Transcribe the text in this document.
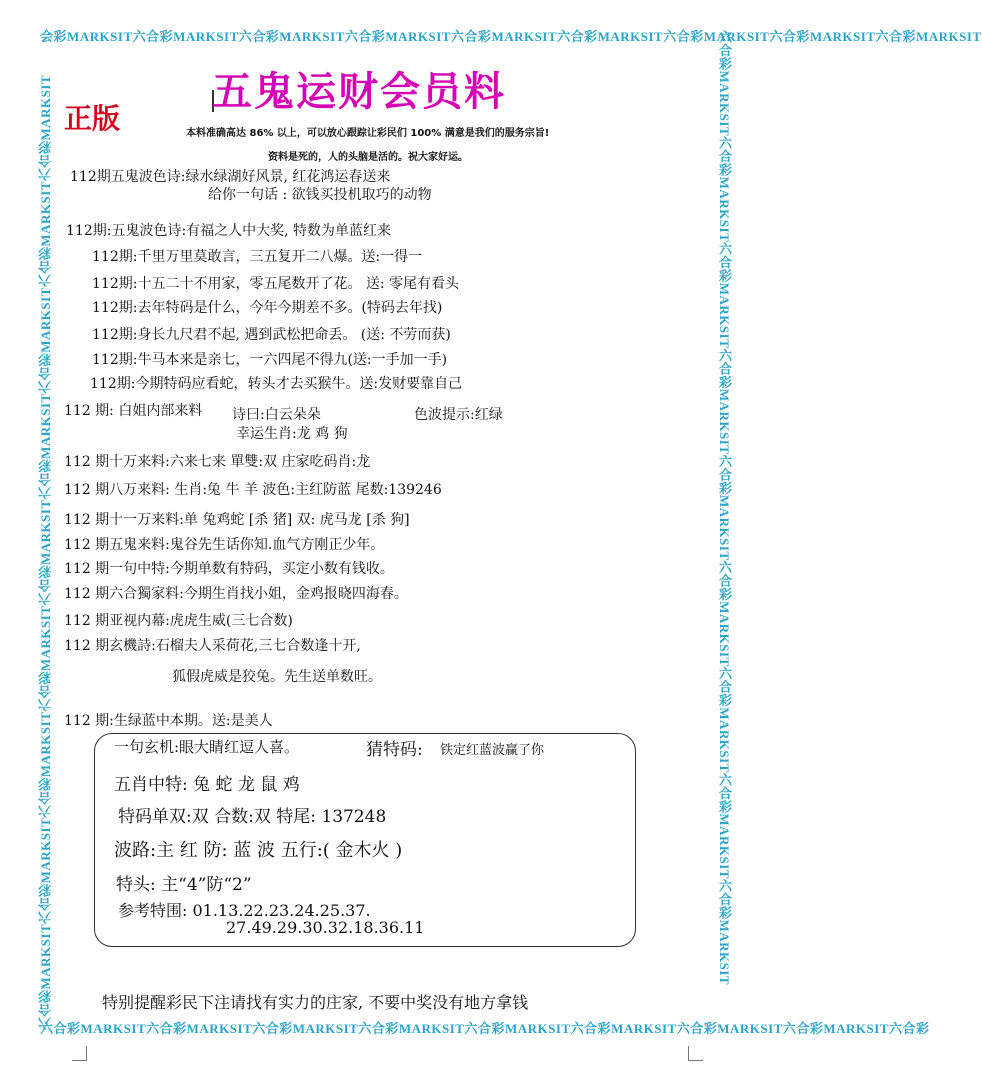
会彩MARKSIT六合彩MARKSIT六合彩MARKSIT六合彩MARKSIT六合彩MARKSIT六合彩MARKSIT六合彩MARKSIT六合彩MARKSIT六合彩MARKSIT
六合彩MARKSIT六合彩MARKSIT六合彩MARKSIT六合彩MARKSIT六合彩MARKSIT六合彩MARKSIT六合彩MARKSIT六合彩MARKSIT六合彩
六合彩MARKSIT六合彩MARKSIT六合彩MARKSIT六合彩MARKSIT六合彩MARKSIT六合彩MARKSIT六合彩MARKSIT六合彩MARKSIT六合彩MARKSIT	六合彩MARKSIT六合彩MARKSIT六合彩MARKSIT六合彩MARKSIT六合彩MARKSIT六合彩MARKSIT六合彩MARKSIT六合彩MARKSIT六合彩MARKSIT
五鬼运财会员料
正版	本料准确高达 86% 以上，可以放心跟踪让彩民们 100% 满意是我们的服务宗旨!
资料是死的，人的头脑是活的。祝大家好运。
112期五鬼波色诗:绿水绿湖好风景, 红花鸿运春送来
给你一句话 : 欲钱买投机取巧的动物
112期:五鬼波色诗:有福之人中大奖, 特数为单蓝红来
112期:千里万里莫敢言，三五复开二八爆。送:一得一
112期:十五二十不用家，零五尾数开了花。 送: 零尾有看头
112期:去年特码是什么，今年今期差不多。(特码去年找)
112期:身长九尺君不起, 遇到武松把命丢。 (送: 不劳而获)
112期:牛马本来是亲七，一六四尾不得九(送:一手加一手)
112期:今期特码应看蛇，转头才去买猴牛。送:发财要靠自己
112 期: 白姐内部来料 诗曰:白云朵朵	色波提示:红绿
幸运生肖:龙 鸡 狗
112 期十万来料:六来七来 單雙:双 庄家吃码肖:龙
112 期八万来料: 生肖:兔 牛 羊 波色:主红防蓝 尾数:139246
112 期十一万来料:单 兔鸡蛇 [杀 猪] 双: 虎马龙 [杀 狗]
112 期五鬼来料:鬼谷先生话你知.血气方刚正少年。
112 期一句中特:今期单数有特码，买定小数有钱收。
112 期六合獨家料:今期生肖找小姐，金鸡报晓四海春。
112 期亚视内幕:虎虎生威(三七合数)
112 期玄機詩:石榴夫人采荷花,三七合数逢十开,
狐假虎威是狡兔。先生送单数旺。
112 期:生绿蓝中本期。送:是美人
一句玄机:眼大睛红逗人喜。	猜特码: 铁定红蓝波赢了你
五肖中特: 兔 蛇 龙 鼠 鸡
特码单双:双 合数:双 特尾: 137248
波路:主 红 防: 蓝 波 五行:( 金木火 )
特头: 主“4”防“2”
参考特围: 01.13.22.23.24.25.37.
27.49.29.30.32.18.36.11
特别提醒彩民下注请找有实力的庄家, 不要中奖没有地方拿钱
